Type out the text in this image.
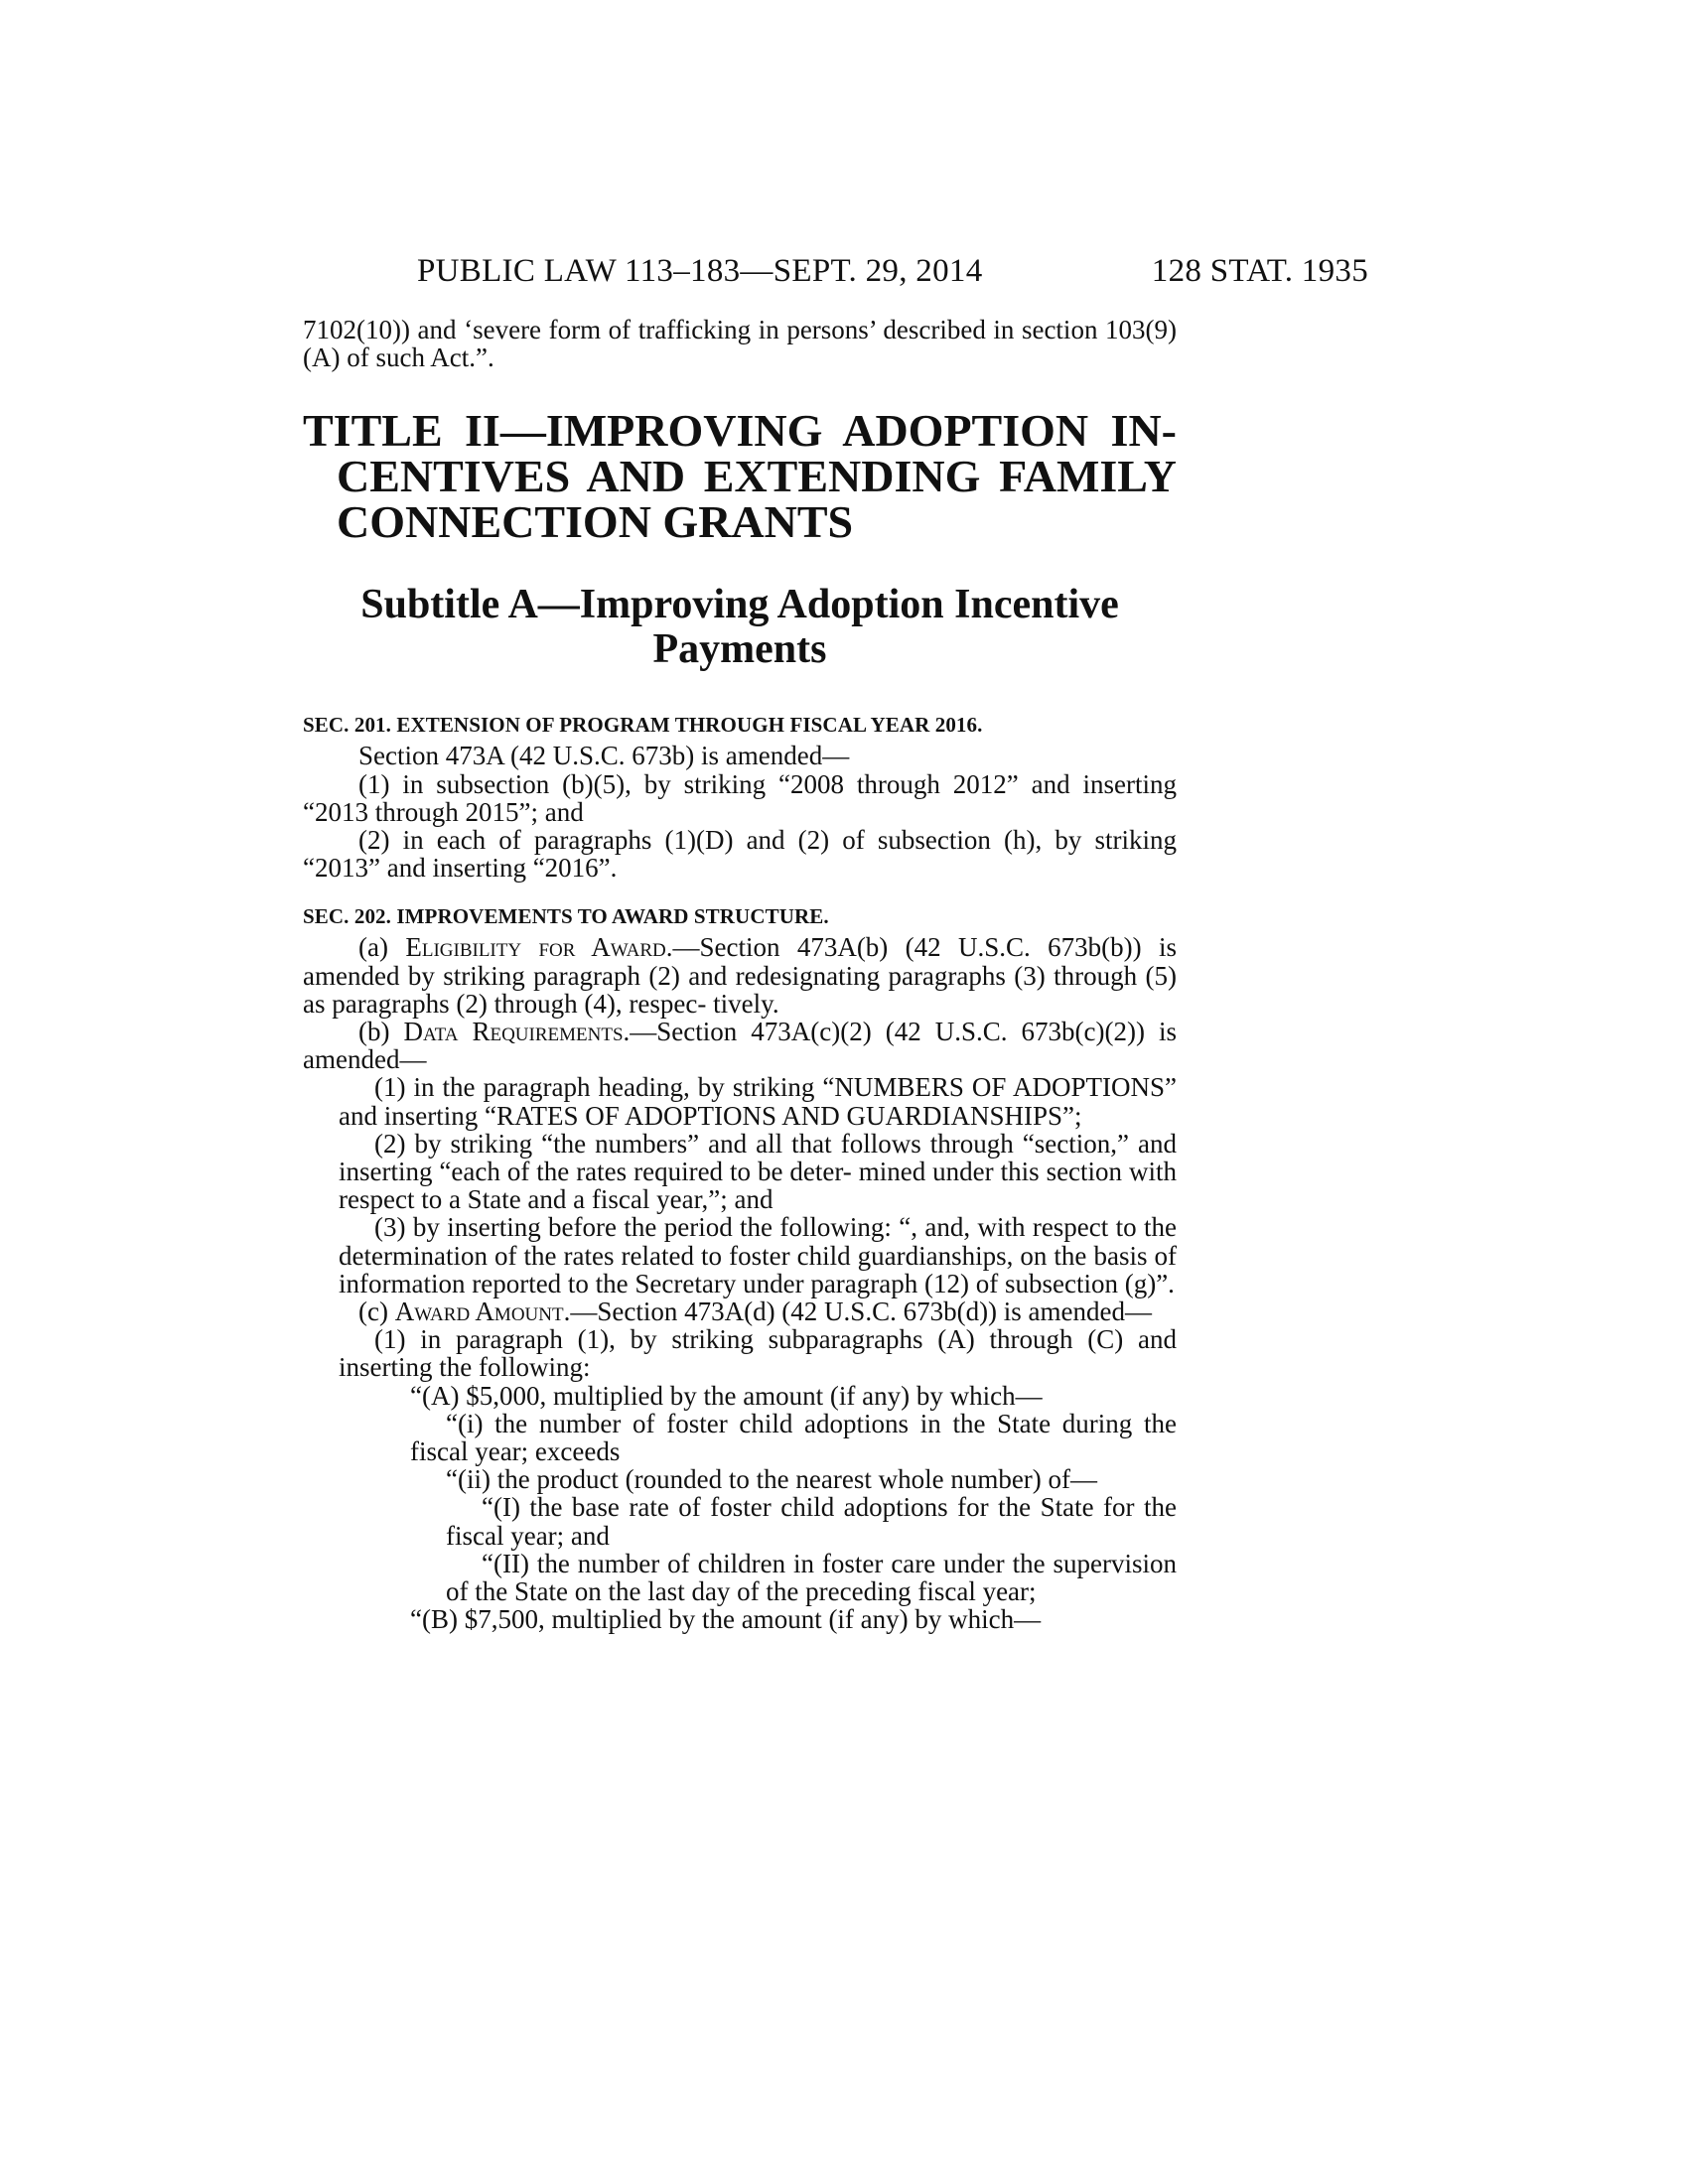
PUBLIC LAW 113–183—SEPT. 29, 2014	128 STAT. 1935

7102(10)) and ‘severe form of trafficking in persons’ described in section 103(9)(A) of such Act.”.

TITLE II—IMPROVING ADOPTION IN- CENTIVES AND EXTENDING FAMILY CONNECTION GRANTS
Subtitle A—Improving Adoption Incentive Payments
SEC. 201. EXTENSION OF PROGRAM THROUGH FISCAL YEAR 2016.

Section 473A (42 U.S.C. 673b) is amended—

(1) in subsection (b)(5), by striking “2008 through 2012” and inserting “2013 through 2015”; and

(2) in each of paragraphs (1)(D) and (2) of subsection (h), by striking “2013” and inserting “2016”.

SEC. 202. IMPROVEMENTS TO AWARD STRUCTURE.

(a) Eligibility for Award.—Section 473A(b) (42 U.S.C. 673b(b)) is amended by striking paragraph (2) and redesignating paragraphs (3) through (5) as paragraphs (2) through (4), respec- tively.

(b) Data Requirements.—Section 473A(c)(2) (42 U.S.C. 673b(c)(2)) is amended—

(1) in the paragraph heading, by striking “NUMBERS OF ADOPTIONS” and inserting “RATES OF ADOPTIONS AND GUARDIANSHIPS”;

(2) by striking “the numbers” and all that follows through “section,” and inserting “each of the rates required to be deter- mined under this section with respect to a State and a fiscal year,”; and

(3) by inserting before the period the following: “, and, with respect to the determination of the rates related to foster child guardianships, on the basis of information reported to the Secretary under paragraph (12) of subsection (g)”.

(c) Award Amount.—Section 473A(d) (42 U.S.C. 673b(d)) is amended—

(1) in paragraph (1), by striking subparagraphs (A) through (C) and inserting the following:

“(A) $5,000, multiplied by the amount (if any) by which—

“(i) the number of foster child adoptions in the State during the fiscal year; exceeds

“(ii) the product (rounded to the nearest whole number) of—

“(I) the base rate of foster child adoptions for the State for the fiscal year; and

“(II) the number of children in foster care under the supervision of the State on the last day of the preceding fiscal year;

“(B) $7,500, multiplied by the amount (if any) by which—
